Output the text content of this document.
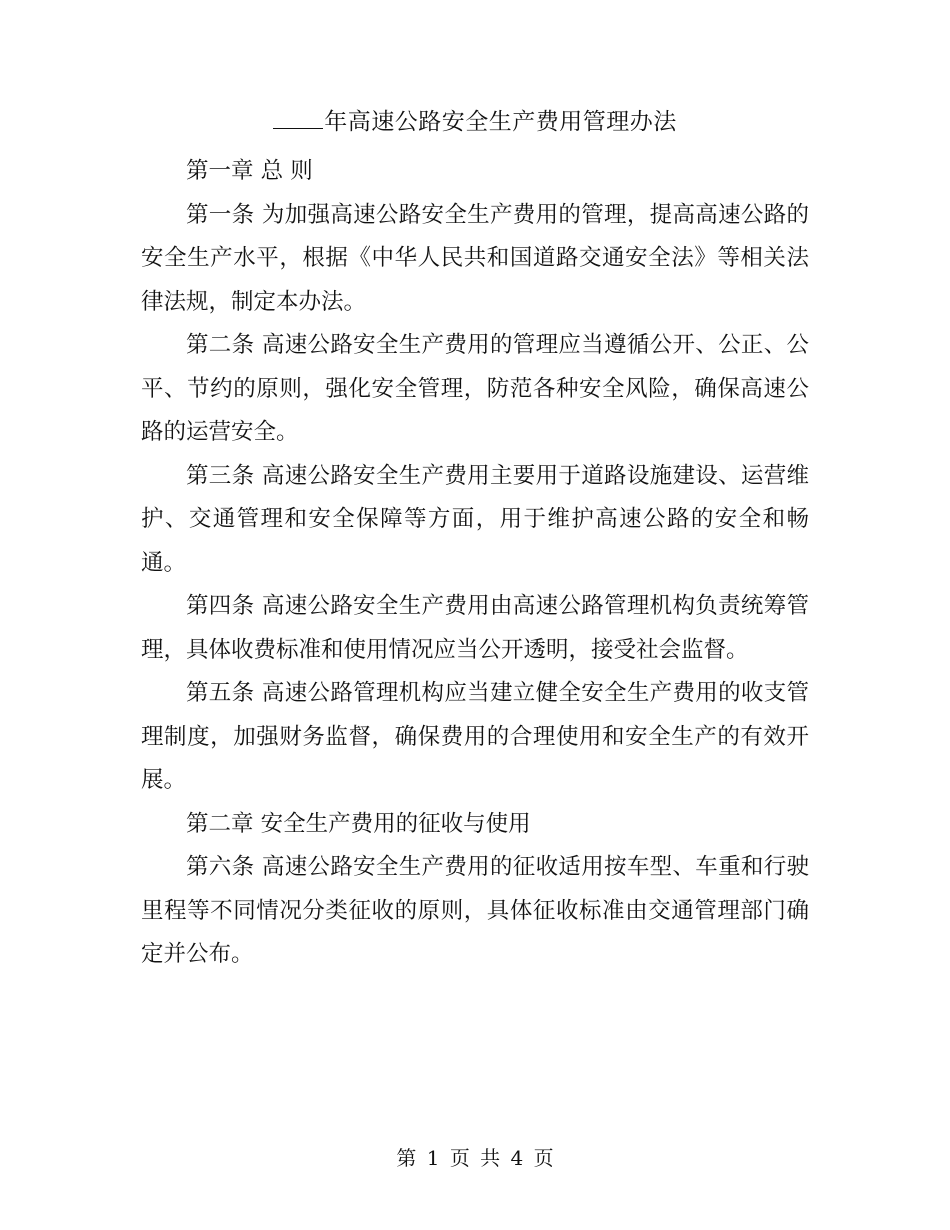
年高速公路安全生产费用管理办法

第一章 总 则

第一条 为加强高速公路安全生产费用的管理，提高高速公路的安全生产水平，根据《中华人民共和国道路交通安全法》等相关法律法规，制定本办法。

第二条 高速公路安全生产费用的管理应当遵循公开、公正、公平、节约的原则，强化安全管理，防范各种安全风险，确保高速公路的运营安全。

第三条 高速公路安全生产费用主要用于道路设施建设、运营维护、交通管理和安全保障等方面，用于维护高速公路的安全和畅通。

第四条 高速公路安全生产费用由高速公路管理机构负责统筹管理，具体收费标准和使用情况应当公开透明，接受社会监督。

第五条 高速公路管理机构应当建立健全安全生产费用的收支管理制度，加强财务监督，确保费用的合理使用和安全生产的有效开展。

第二章 安全生产费用的征收与使用

第六条 高速公路安全生产费用的征收适用按车型、车重和行驶里程等不同情况分类征收的原则，具体征收标准由交通管理部门确定并公布。

第 1 页 共 4 页
